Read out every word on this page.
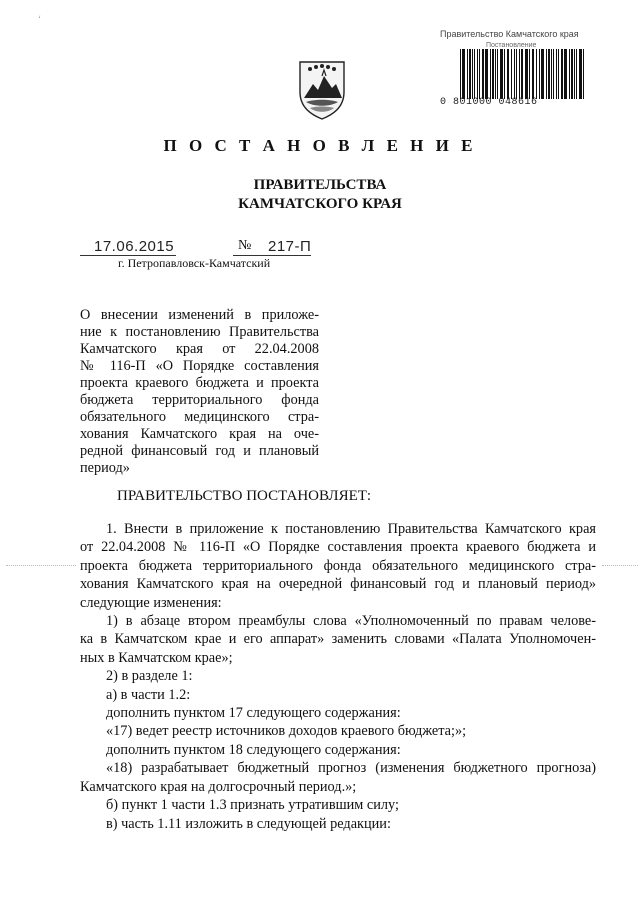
‘
Правительство Камчатского края
Постановление
0 801000 048616
П О С Т А Н О В Л Е Н И Е
ПРАВИТЕЛЬСТВА
КАМЧАТСКОГО КРАЯ
17.06.2015	№ 217-П
г. Петропавловск-Камчатский
О внесении изменений в приложе-
ние к постановлению Правительства
Камчатского края от 22.04.2008
№ 116-П «О Порядке составления
проекта краевого бюджета и проекта
бюджета территориального фонда
обязательного медицинского стра-
хования Камчатского края на оче-
редной финансовый год и плановый
период»
ПРАВИТЕЛЬСТВО ПОСТАНОВЛЯЕТ:
1. Внести в приложение к постановлению Правительства Камчатского края
от 22.04.2008 № 116-П «О Порядке составления проекта краевого бюджета и
проекта бюджета территориального фонда обязательного медицинского стра-
хования Камчатского края на очередной финансовый год и плановый период»
следующие изменения:
1) в абзаце втором преамбулы слова «Уполномоченный по правам челове-
ка в Камчатском крае и его аппарат» заменить словами «Палата Уполномочен-
ных в Камчатском крае»;
2) в разделе 1:
а) в части 1.2:
дополнить пунктом 17 следующего содержания:
«17) ведет реестр источников доходов краевого бюджета;»;
дополнить пунктом 18 следующего содержания:
«18) разрабатывает бюджетный прогноз (изменения бюджетного прогноза)
Камчатского края на долгосрочный период.»;
б) пункт 1 части 1.3 признать утратившим силу;
в) часть 1.11 изложить в следующей редакции:
